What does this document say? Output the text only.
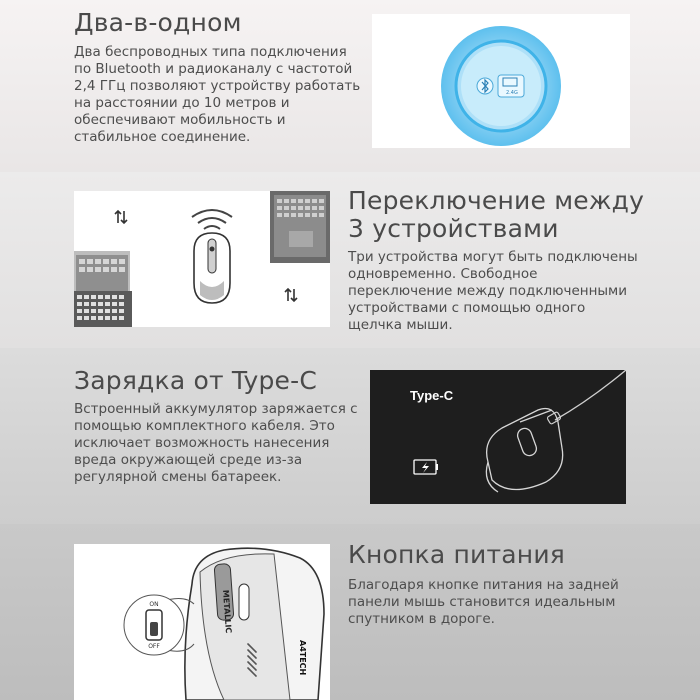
Два-в-одном

Два беспроводных типа подключения
по Bluetooth и радиоканалу с частотой
2,4 ГГц позволяют устройству работать
на расстоянии до 10 метров и
обеспечивают мобильность и
стабильное соединение.

2.4G
Переключение между
3 устройствами

Три устройства могут быть подключены
одновременно. Свободное
переключение между подключенными
устройствами с помощью одного
щелчка мыши.

Зарядка от Type-C

Встроенный аккумулятор заряжается с
помощью комплектного кабеля. Это
исключает возможность нанесения
вреда окружающей среде из-за
регулярной смены батареек.

Type-C
METALLIC
A4TECH
ON
OFF
Кнопка питания

Благодаря кнопке питания на задней
панели мышь становится идеальным
спутником в дороге.
